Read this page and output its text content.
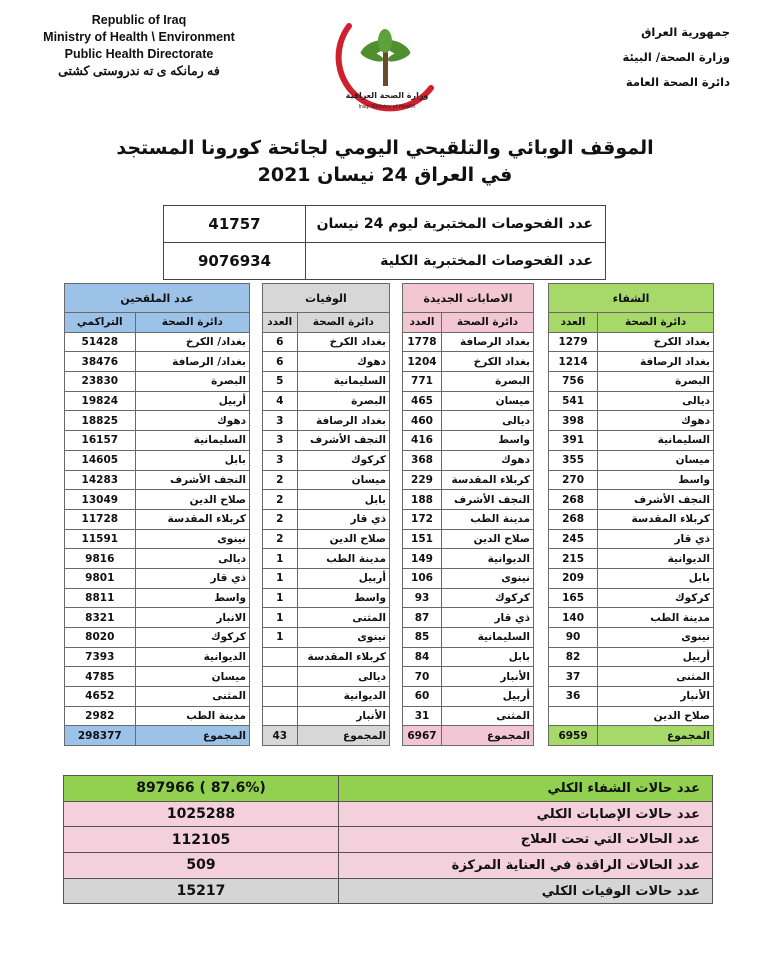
Republic of Iraq
Ministry of Health \ Environment
Public Health Directorate
فه رمانكه ى ته ندروستى كشتى
وزارة الصحة العراقية
Iraqi Ministry of Health
جمهورية العراق
وزارة الصحة/ البيئة
دائرة الصحة العامة
الموقف الوبائي والتلقيحي اليومي لجائحة كورونا المستجد
في العراق 24 نيسان 2021
عدد الفحوصات المختبرية ليوم 24 نيسان	41757
عدد الفحوصات المختبرية الكلية	9076934
الشفاء	
دائرة الصحة	العدد
بغداد الكرخ	1279
بغداد الرصافة	1214
البصرة	756
ديالى	541
دهوك	398
السليمانية	391
ميسان	355
واسط	270
النجف الأشرف	268
كربلاء المقدسة	268
ذي قار	245
الديوانية	215
بابل	209
كركوك	165
مدينة الطب	140
نينوى	90
أربيل	82
المثنى	37
الأنبار	36
صلاح الدين	
المجموع	6959
الاصابات الجديدة	
دائرة الصحة	العدد
بغداد الرصافة	1778
بغداد الكرخ	1204
البصرة	771
ميسان	465
ديالى	460
واسط	416
دهوك	368
كربلاء المقدسة	229
النجف الأشرف	188
مدينة الطب	172
صلاح الدين	151
الديوانية	149
نينوى	106
كركوك	93
ذي قار	87
السليمانية	85
بابل	84
الأنبار	70
أربيل	60
المثنى	31
المجموع	6967
الوفيات	
دائرة الصحة	العدد
بغداد الكرخ	6
دهوك	6
السليمانية	5
البصرة	4
بغداد الرصافة	3
النجف الأشرف	3
كركوك	3
ميسان	2
بابل	2
ذي قار	2
صلاح الدين	2
مدينة الطب	1
أربيل	1
واسط	1
المثنى	1
نينوى	1
كربلاء المقدسة	
ديالى	
الديوانية	
الأنبار	
المجموع	43
عدد الملقحين	
دائرة الصحة	التراكمي
بغداد/ الكرخ	51428
بغداد/ الرصافة	38476
البصرة	23830
أربيل	19824
دهوك	18825
السليمانية	16157
بابل	14605
النجف الأشرف	14283
صلاح الدين	13049
كربلاء المقدسة	11728
نينوى	11591
ديالى	9816
ذي قار	9801
واسط	8811
الانبار	8321
كركوك	8020
الديوانية	7393
ميسان	4785
المثنى	4652
مدينة الطب	2982
المجموع	298377
عدد حالات الشفاء الكلي	(87.6% ) 897966
عدد حالات الإصابات الكلي	1025288
عدد الحالات التي تحت العلاج	112105
عدد الحالات الراقدة في العناية المركزة	509
عدد حالات الوفيات الكلي	15217
